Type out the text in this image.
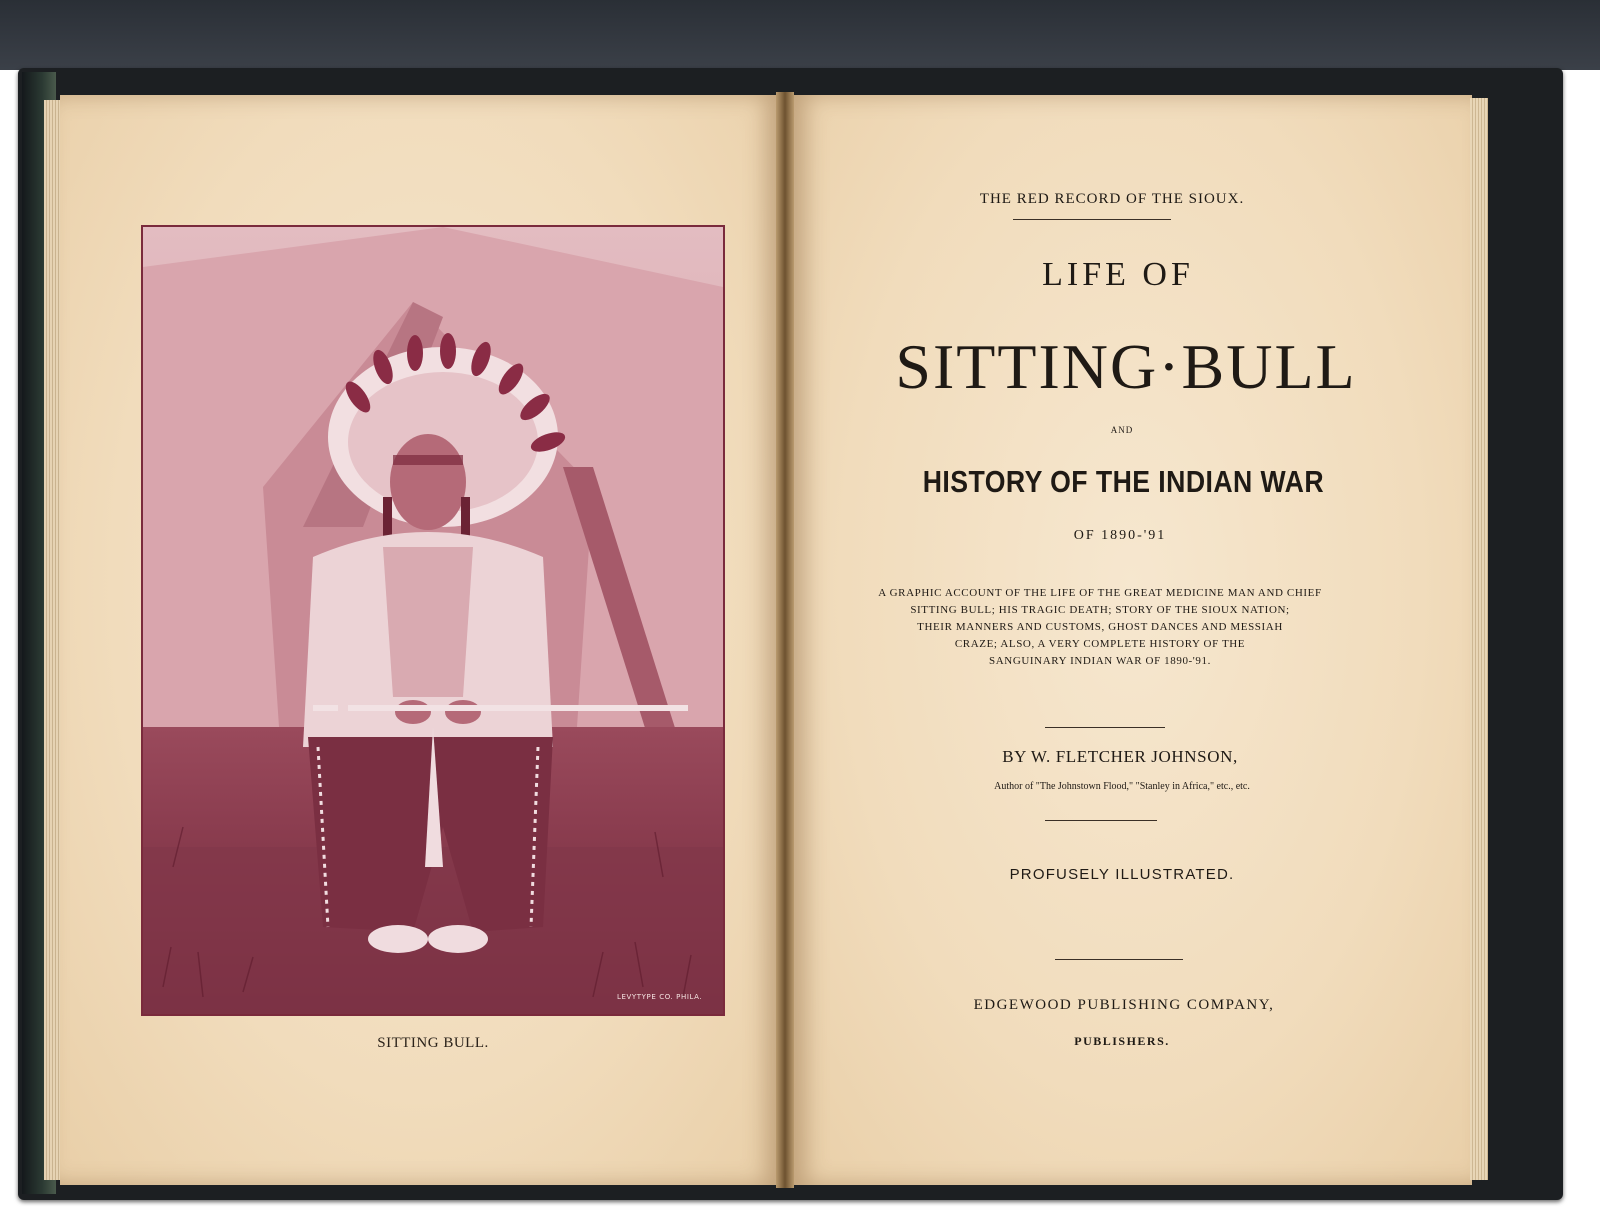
LEVYTYPE CO. PHILA.
SITTING BULL.
THE RED RECORD OF THE SIOUX.
LIFE OF
SITTING·BULL
AND
HISTORY OF THE INDIAN WAR
OF 1890-'91
A GRAPHIC ACCOUNT OF THE LIFE OF THE GREAT MEDICINE MAN AND CHIEF
SITTING BULL; HIS TRAGIC DEATH; STORY OF THE SIOUX NATION;
THEIR MANNERS AND CUSTOMS, GHOST DANCES AND MESSIAH
CRAZE; ALSO, A VERY COMPLETE HISTORY OF THE
SANGUINARY INDIAN WAR OF 1890-'91.
BY W. FLETCHER JOHNSON,
Author of "The Johnstown Flood," "Stanley in Africa," etc., etc.
PROFUSELY ILLUSTRATED.
EDGEWOOD PUBLISHING COMPANY,
PUBLISHERS.
